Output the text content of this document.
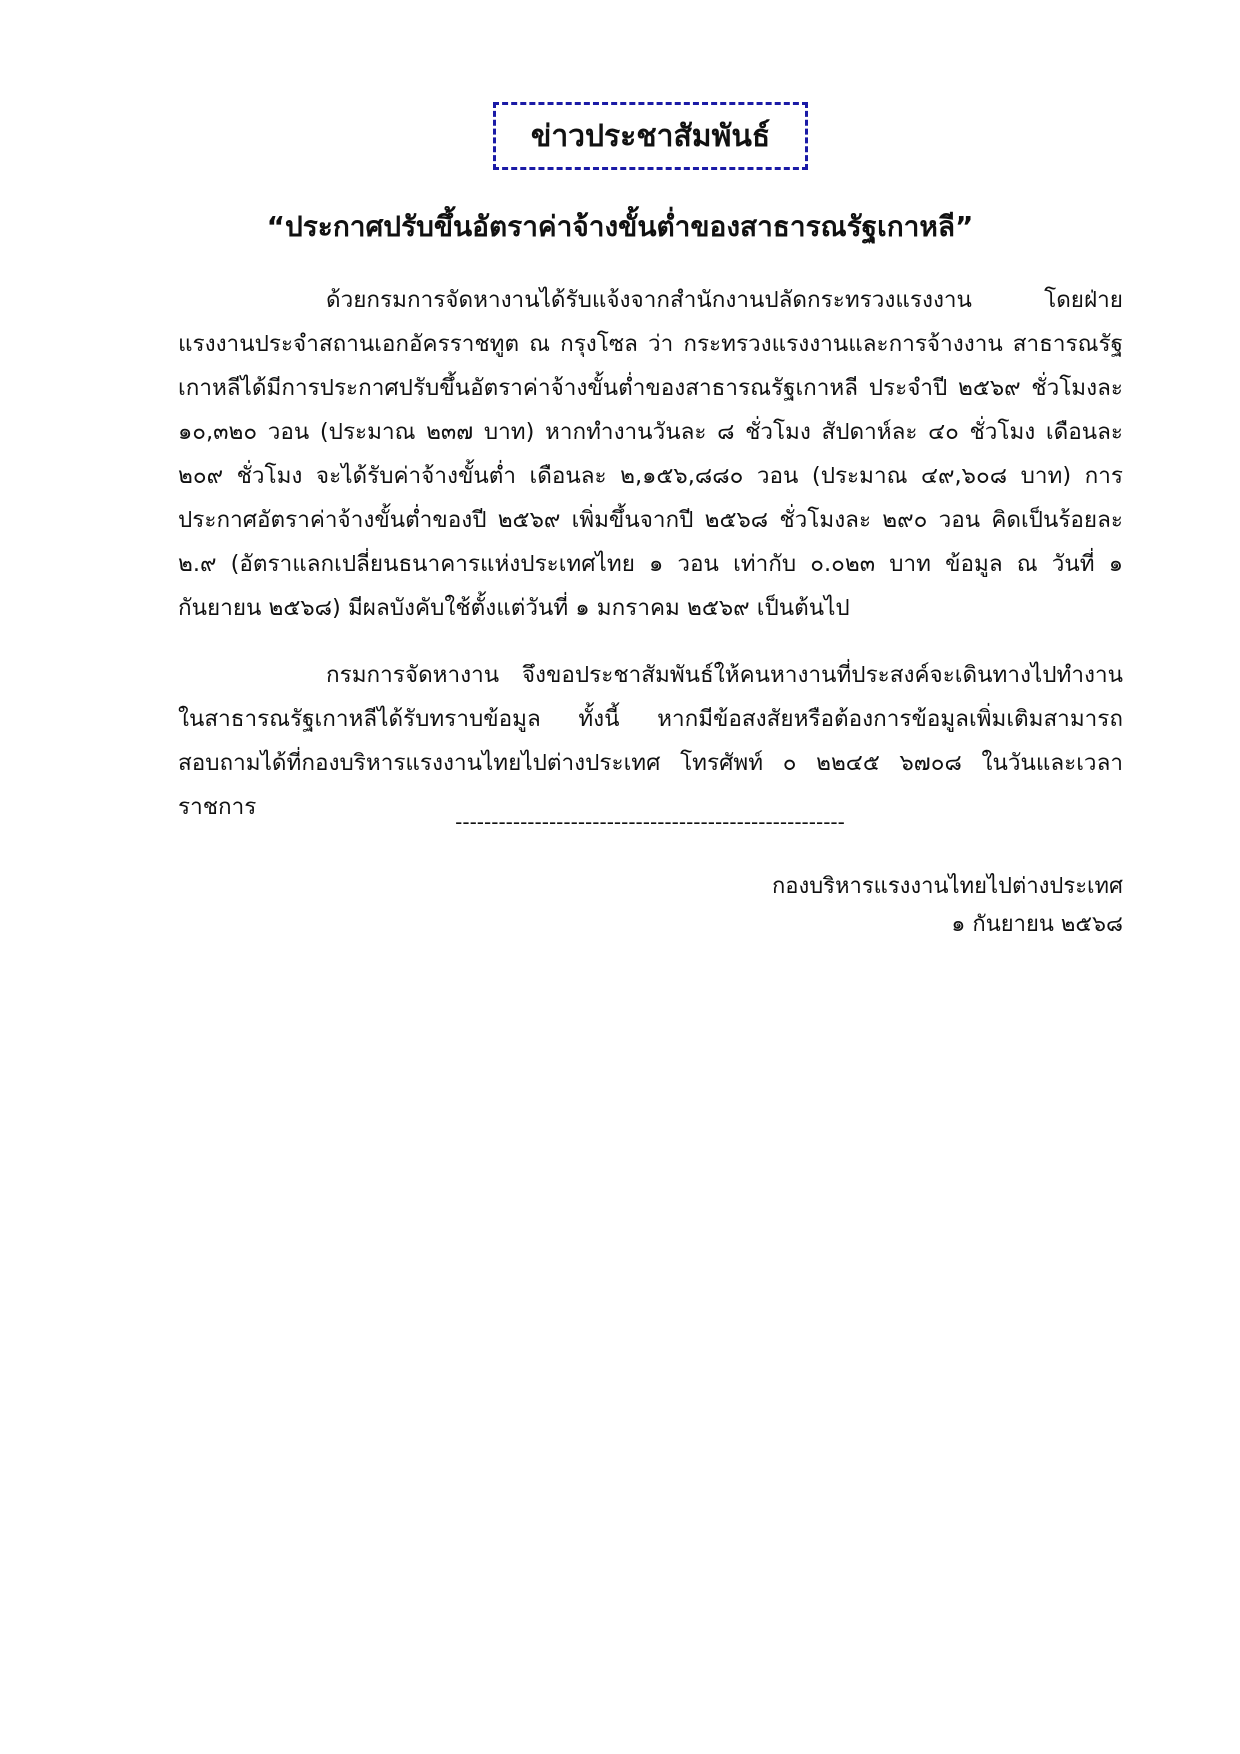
ข่าวประชาสัมพันธ์
“ประกาศปรับขึ้นอัตราค่าจ้างขั้นต่ำของสาธารณรัฐเกาหลี”

ด้วยกรมการจัดหางานได้รับแจ้งจากสำนักงานปลัดกระทรวงแรงงาน โดยฝ่ายแรงงานประจำสถานเอกอัครราชทูต ณ กรุงโซล ว่า กระทรวงแรงงานและการจ้างงาน สาธารณรัฐเกาหลีได้มีการประกาศปรับขึ้นอัตราค่าจ้างขั้นต่ำของสาธารณรัฐเกาหลี ประจำปี ๒๕๖๙ ชั่วโมงละ ๑๐,๓๒๐ วอน (ประมาณ ๒๓๗ บาท) หากทำงานวันละ ๘ ชั่วโมง สัปดาห์ละ ๔๐ ชั่วโมง เดือนละ ๒๐๙ ชั่วโมง จะได้รับค่าจ้างขั้นต่ำ เดือนละ ๒,๑๕๖,๘๘๐ วอน (ประมาณ ๔๙,๖๐๘ บาท) การประกาศอัตราค่าจ้างขั้นต่ำของปี ๒๕๖๙ เพิ่มขึ้นจากปี ๒๕๖๘ ชั่วโมงละ ๒๙๐ วอน คิดเป็นร้อยละ ๒.๙ (อัตราแลกเปลี่ยนธนาคารแห่งประเทศไทย ๑ วอน เท่ากับ ๐.๐๒๓ บาท ข้อมูล ณ วันที่ ๑ กันยายน ๒๕๖๘) มีผลบังคับใช้ตั้งแต่วันที่ ๑ มกราคม ๒๕๖๙ เป็นต้นไป

กรมการจัดหางาน จึงขอประชาสัมพันธ์ให้คนหางานที่ประสงค์จะเดินทางไปทำงานในสาธารณรัฐเกาหลีได้รับทราบข้อมูล ทั้งนี้ หากมีข้อสงสัยหรือต้องการข้อมูลเพิ่มเติมสามารถสอบถามได้ที่กองบริหารแรงงานไทยไปต่างประเทศ โทรศัพท์ ๐ ๒๒๔๕ ๖๗๐๘ ในวันและเวลาราชการ

------------------------------------------------------
กองบริหารแรงงานไทยไปต่างประเทศ
๑ กันยายน ๒๕๖๘
